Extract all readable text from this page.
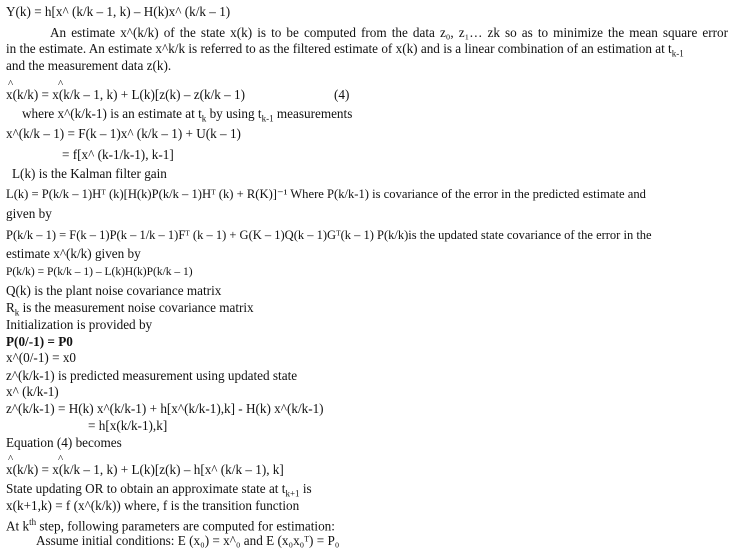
Y(k) = h[x^ (k/k – 1, k) – H(k)x^ (k/k – 1)
An estimate x^(k/k) of the state x(k) is to be computed from the data z₀, z₁… zk so as to minimize the mean square error
in the estimate. An estimate x^k/k is referred to as the filtered estimate of x(k) and is a linear combination of an estimation at $t_{k-1}$
and the measurement data z(k).
^	^
x(k/k) = x(k/k – 1, k) + L(k)[z(k) – z(k/k – 1)	(4)
where x^(k/k-1) is an estimate at $t_k$ by using $t_{k-1}$ measurements
x^(k/k – 1) = F(k – 1)x^ (k/k – 1) + U(k – 1)
= f[x^ (k-1/k-1), k-1]
L(k) is the Kalman filter gain
L(k) = P(k/k – 1)Hᵀ (k)[H(k)P(k/k – 1)Hᵀ (k) + R(K)]⁻¹ Where P(k/k-1) is covariance of the error in the predicted estimate and
given by
P(k/k – 1) = F(k – 1)P(k – 1/k – 1)Fᵀ (k – 1) + G(K – 1)Q(k – 1)Gᵀ(k – 1) P(k/k)is the updated state covariance of the error in the
estimate x^(k/k) given by
P(k/k) = P(k/k – 1) – L(k)H(k)P(k/k – 1)
Q(k) is the plant noise covariance matrix
$R_k$ is the measurement noise covariance matrix
Initialization is provided by
P(0/-1) = P0
x^(0/-1) = x0
z^(k/k-1) is predicted measurement using updated state
x^ (k/k-1)
z^(k/k-1) = H(k) x^(k/k-1) + h[x^(k/k-1),k] - H(k) x^(k/k-1)
= h[x(k/k-1),k]
Equation (4) becomes
^	^
x(k/k) = x(k/k – 1, k) + L(k)[z(k) – h[x^ (k/k – 1), k]
State updating OR to obtain an approximate state at $t_{k+1}$ is
x(k+1,k) = f (x^(k/k)) where, f is the transition function
At $k^{th}$ step, following parameters are computed for estimation:
Assume initial conditions: E (x₀) = x^₀ and E (x₀x₀ᵀ) = P₀
